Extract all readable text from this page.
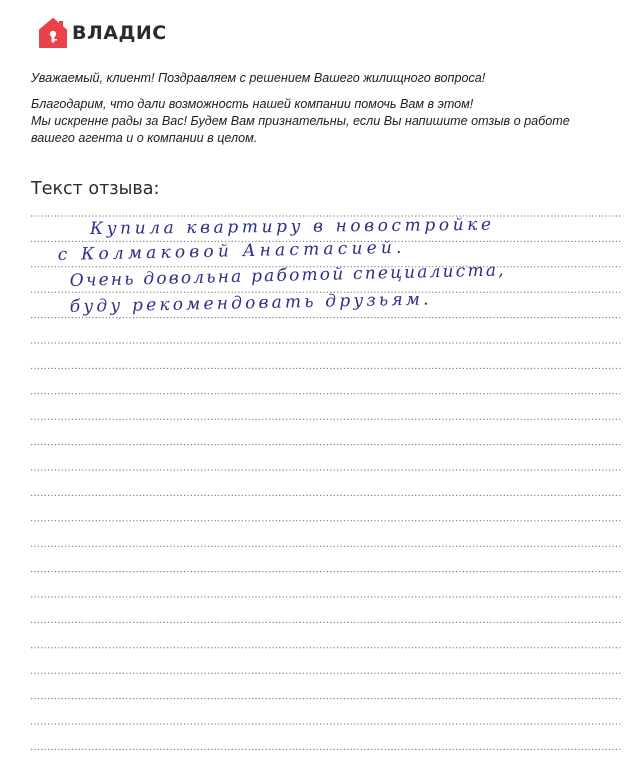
ВЛАДИС

Уважаемый, клиент! Поздравляем с решением Вашего жилищного вопроса!

Благодарим, что дали возможность нашей компании помочь Вам в этом!

Мы искренне рады за Вас! Будем Вам признательны, если Вы напишите отзыв о работе

вашего агента и о компании в целом.

Текст отзыва:
Купила квартиру в новостройке
с Колмаковой Анастасией.
Очень довольна работой специалиста,
буду рекомендовать друзьям.
